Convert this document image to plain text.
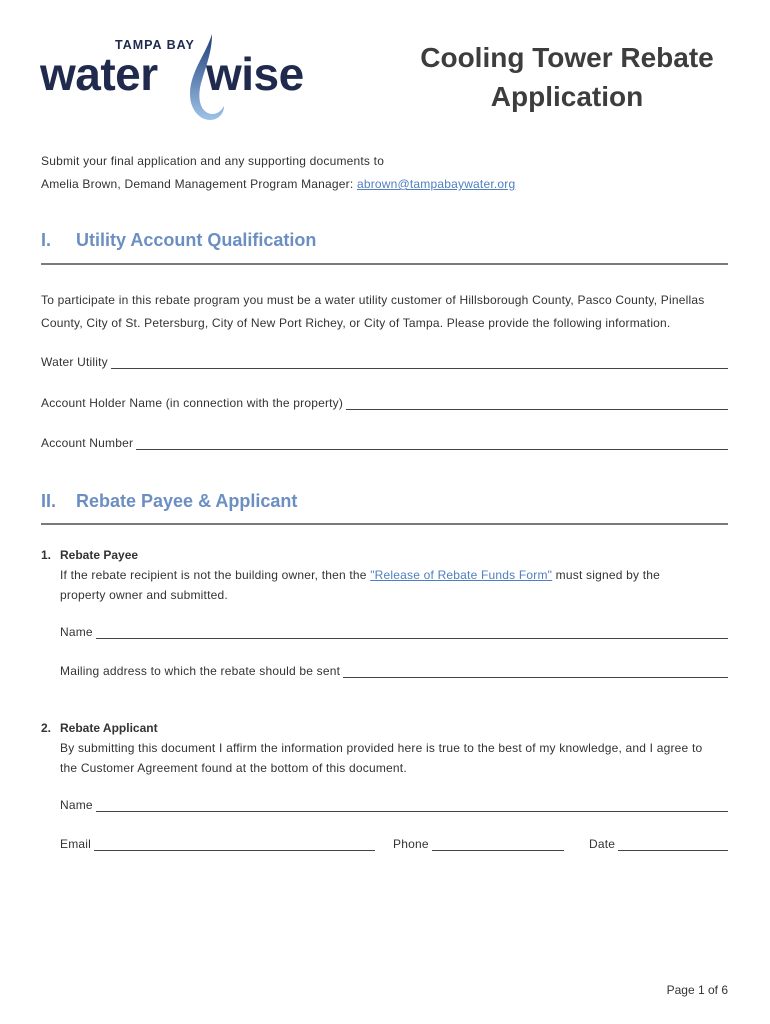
TAMPA BAY
water wise	Cooling Tower Rebate
Application
Submit your final application and any supporting documents to
Amelia Brown, Demand Management Program Manager: abrown@tampabaywater.org
I. Utility Account Qualification
To participate in this rebate program you must be a water utility customer of Hillsborough County, Pasco County, Pinellas
County, City of St. Petersburg, City of New Port Richey, or City of Tampa. Please provide the following information.
Water Utility
Account Holder Name (in connection with the property)
Account Number
II. Rebate Payee & Applicant
1. Rebate Payee
If the rebate recipient is not the building owner, then the "Release of Rebate Funds Form" must signed by the
property owner and submitted.
Name
Mailing address to which the rebate should be sent
2. Rebate Applicant
By submitting this document I affirm the information provided here is true to the best of my knowledge, and I agree to
the Customer Agreement found at the bottom of this document.
Name
Email	Phone	Date
Page 1 of 6
